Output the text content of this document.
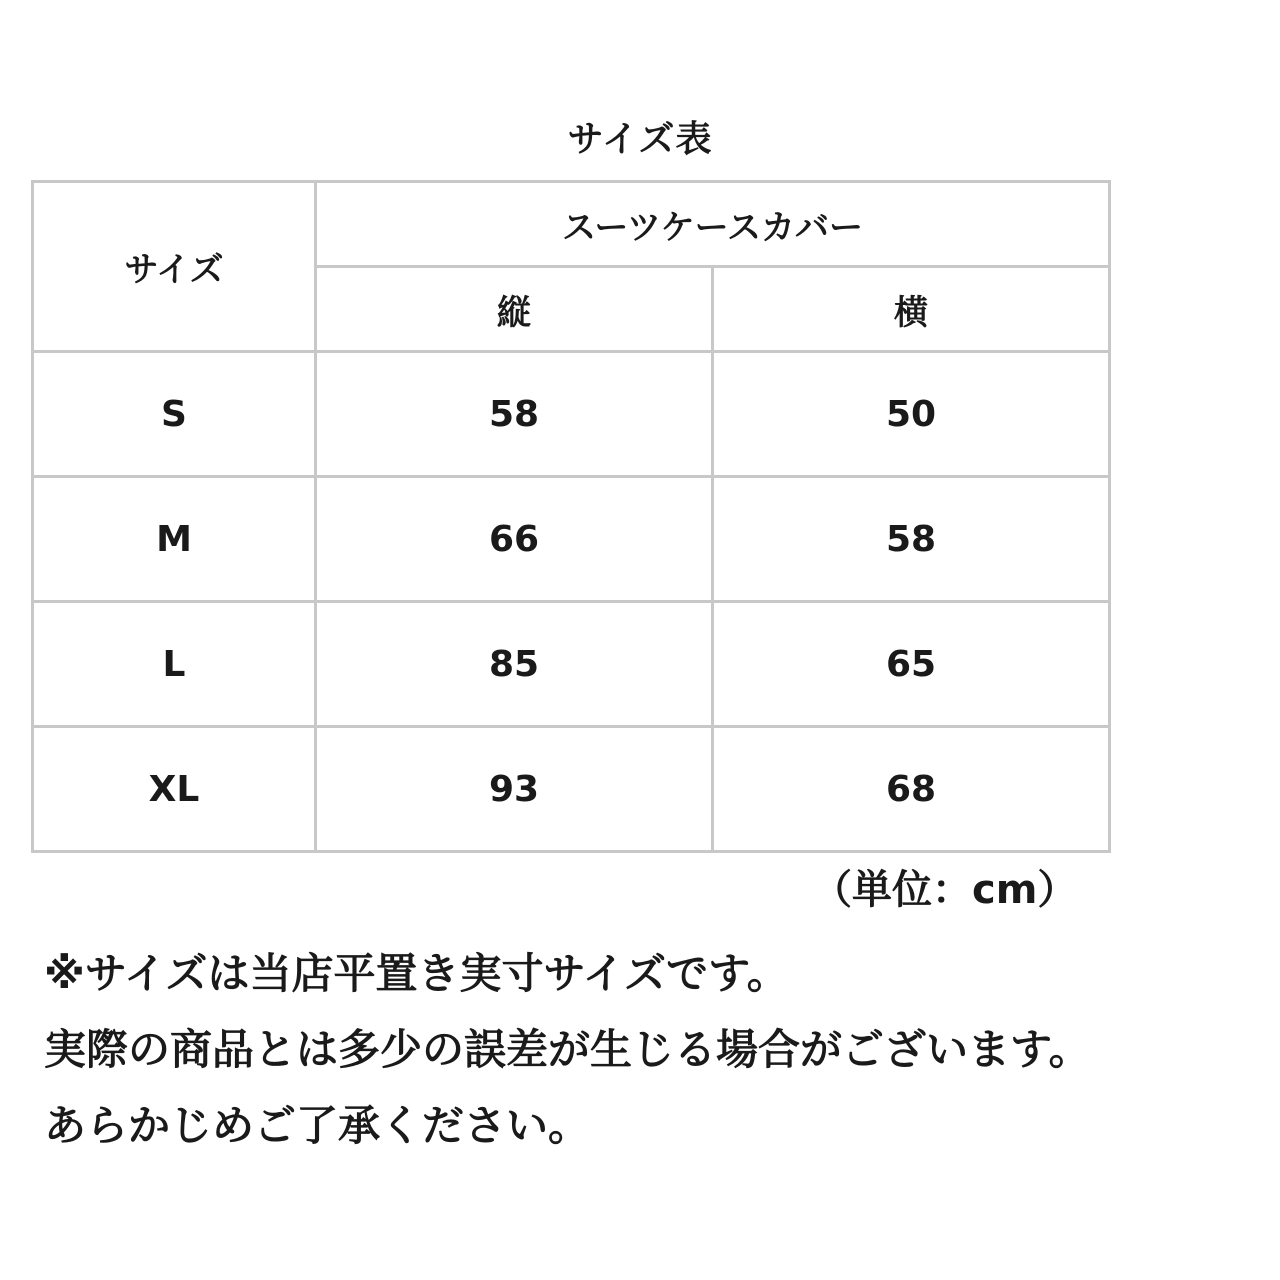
サイズ表
サイズ	スーツケースカバー	
	縦	横
S	58	50
M	66	58
L	85	65
XL	93	68
（単位：cm）
※サイズは当店平置き実寸サイズです。
実際の商品とは多少の誤差が生じる場合がございます。
あらかじめご了承ください。
